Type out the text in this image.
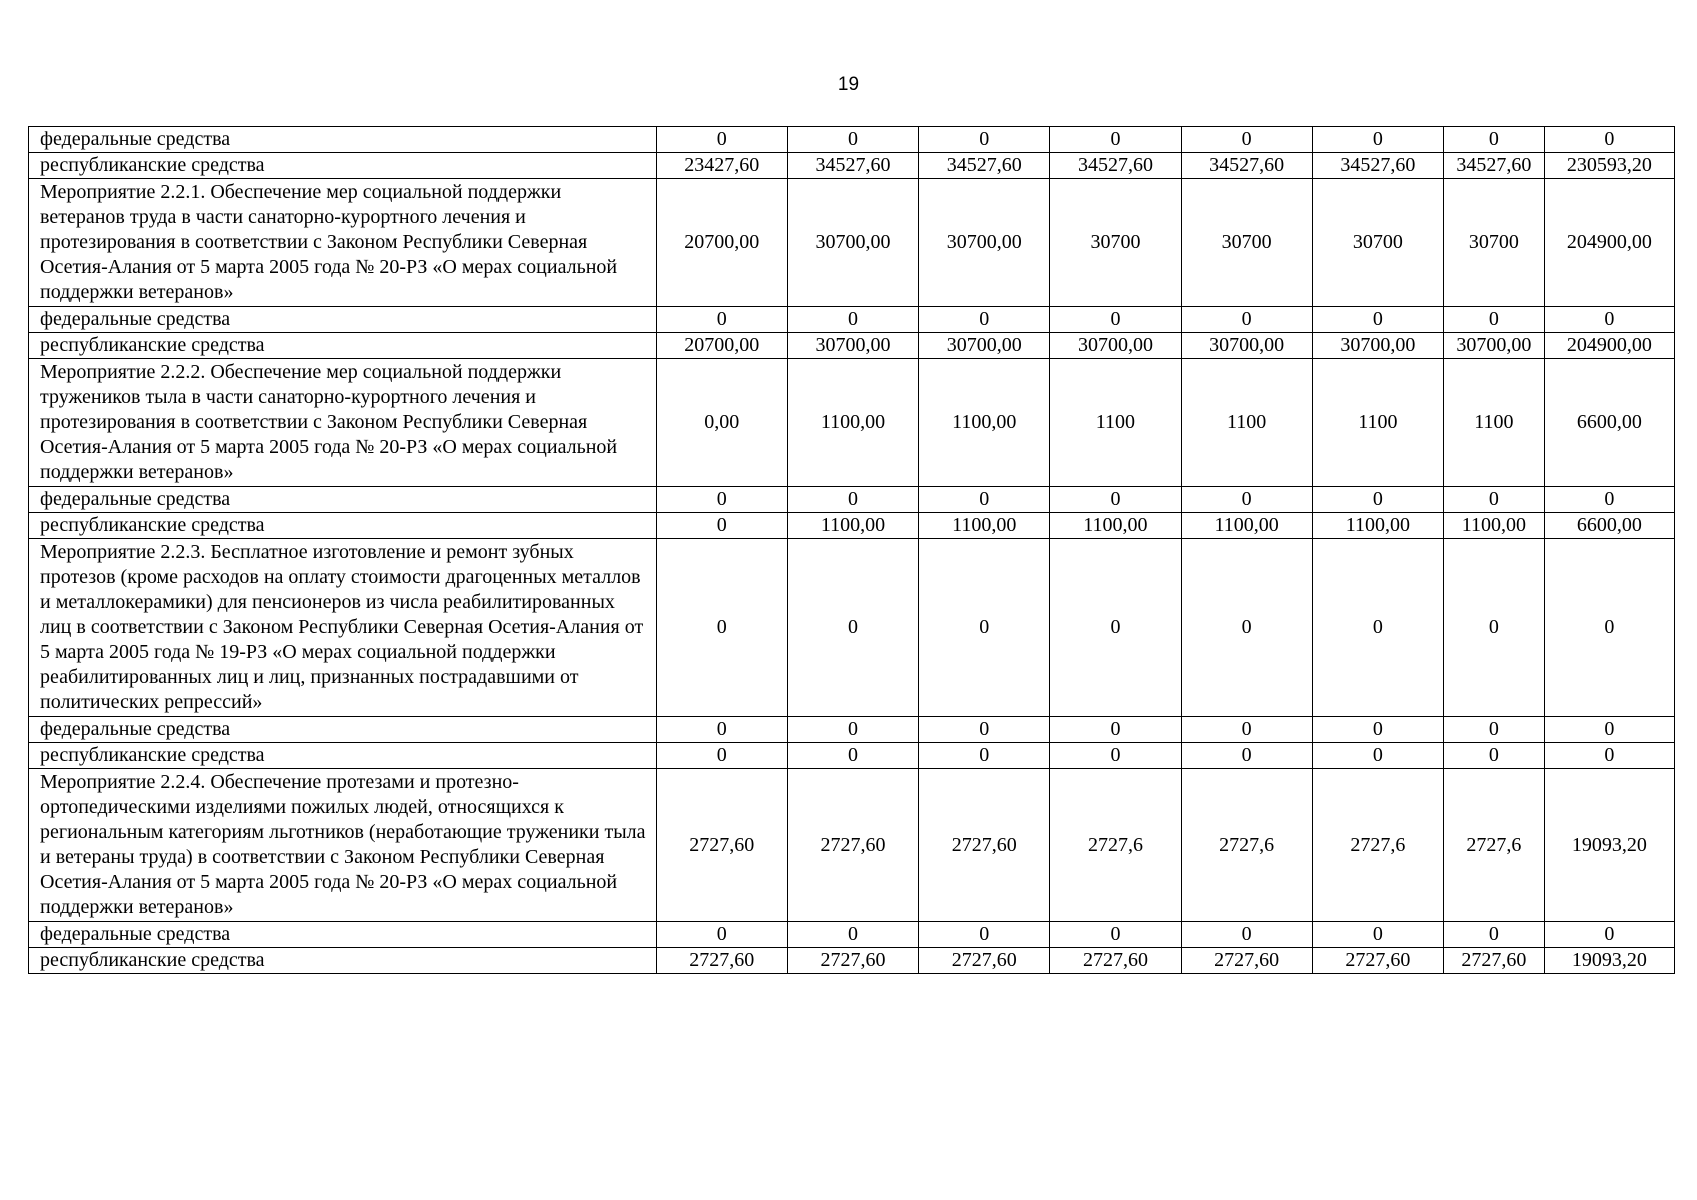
19
федеральные средства	0	0	0	0	0	0	0	0
республиканские средства	23427,60	34527,60	34527,60	34527,60	34527,60	34527,60	34527,60	230593,20
Мероприятие 2.2.1. Обеспечение мер социальной поддержки ветеранов труда в части санаторно-курортного лечения и протезирования в соответствии с Законом Республики Северная Осетия-Алания от 5 марта 2005 года № 20-РЗ «О мерах социальной поддержки ветеранов»	20700,00	30700,00	30700,00	30700	30700	30700	30700	204900,00
федеральные средства	0	0	0	0	0	0	0	0
республиканские средства	20700,00	30700,00	30700,00	30700,00	30700,00	30700,00	30700,00	204900,00
Мероприятие 2.2.2. Обеспечение мер социальной поддержки тружеников тыла в части санаторно-курортного лечения и протезирования в соответствии с Законом Республики Северная Осетия-Алания от 5 марта 2005 года № 20-РЗ «О мерах социальной поддержки ветеранов»	0,00	1100,00	1100,00	1100	1100	1100	1100	6600,00
федеральные средства	0	0	0	0	0	0	0	0
республиканские средства	0	1100,00	1100,00	1100,00	1100,00	1100,00	1100,00	6600,00
Мероприятие 2.2.3. Бесплатное изготовление и ремонт зубных протезов (кроме расходов на оплату стоимости драгоценных металлов и металлокерамики) для пенсионеров из числа реабилитированных лиц в соответствии с Законом Республики Северная Осетия-Алания от 5 марта 2005 года № 19-РЗ «О мерах социальной поддержки реабилитированных лиц и лиц, признанных пострадавшими от политических репрессий»	0	0	0	0	0	0	0	0
федеральные средства	0	0	0	0	0	0	0	0
республиканские средства	0	0	0	0	0	0	0	0
Мероприятие 2.2.4. Обеспечение протезами и протезно-ортопедическими изделиями пожилых людей, относящихся к региональным категориям льготников (неработающие труженики тыла и ветераны труда) в соответствии с Законом Республики Северная Осетия-Алания от 5 марта 2005 года № 20-РЗ «О мерах социальной поддержки ветеранов»	2727,60	2727,60	2727,60	2727,6	2727,6	2727,6	2727,6	19093,20
федеральные средства	0	0	0	0	0	0	0	0
республиканские средства	2727,60	2727,60	2727,60	2727,60	2727,60	2727,60	2727,60	19093,20
